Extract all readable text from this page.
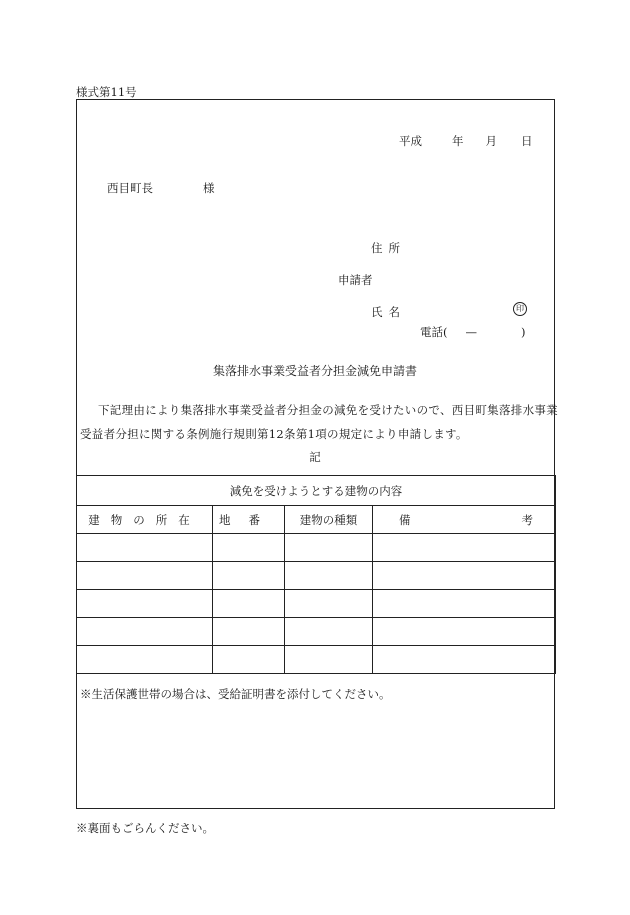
様式第11号
平成	年 月 日
西目町長	様
住所
申請者
氏名	印
電話( —	)
集落排水事業受益者分担金減免申請書
下記理由により集落排水事業受益者分担金の減免を受けたいので、西目町集落排水事業
受益者分担に関する条例施行規則第12条第1項の規定により申請します。
記
減免を受けようとする建物の内容			
建物の所在	地番	建物の種類	備 考

※生活保護世帯の場合は、受給証明書を添付してください。
※裏面もごらんください。
